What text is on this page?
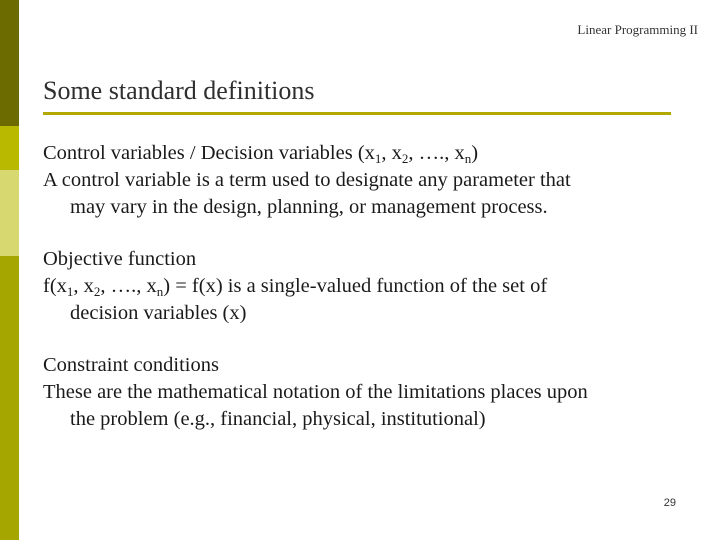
Linear Programming II
Some standard definitions
Control variables / Decision variables ($x_1$, $x_2$, …., $x_n$)
A control variable is a term used to designate any parameter that
may vary in the design, planning, or management process.
Objective function
$f(x_1$, $x_2$, …., $x_n) = f(x)$ is a single-valued function of the set of
decision variables (x)
Constraint conditions
These are the mathematical notation of the limitations places upon
the problem (e.g., financial, physical, institutional)
29
